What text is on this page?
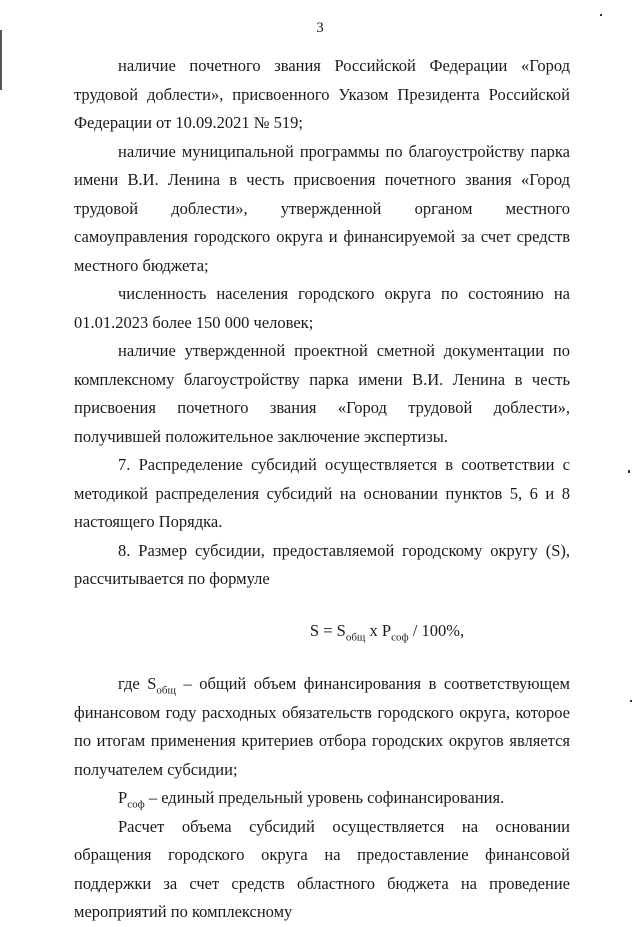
3

наличие почетного звания Российской Федерации «Город трудовой доблести», присвоенного Указом Президента Российской Федерации от 10.09.2021 № 519;

наличие муниципальной программы по благоустройству парка имени В.И. Ленина в честь присвоения почетного звания «Город трудовой доблести», утвержденной органом местного самоуправления городского округа и финансируемой за счет средств местного бюджета;

численность населения городского округа по состоянию на 01.01.2023 более 150 000 человек;

наличие утвержденной проектной сметной документации по комплексному благоустройству парка имени В.И. Ленина в честь присвоения почетного звания «Город трудовой доблести», получившей положительное заключение экспертизы.

7. Распределение субсидий осуществляется в соответствии с методикой распределения субсидий на основании пунктов 5, 6 и 8 настоящего Порядка.

8. Размер субсидии, предоставляемой городскому округу (S), рассчитывается по формуле

$S = S_{общ}$ x $P_{соф} / 100\%$,

где $S_{общ}$ – общий объем финансирования в соответствующем финансовом году расходных обязательств городского округа, которое по итогам применения критериев отбора городских округов является получателем субсидии;

$P_{соф}$ – единый предельный уровень софинансирования.

Расчет объема субсидий осуществляется на основании обращения городского округа на предоставление финансовой поддержки за счет средств областного бюджета на проведение мероприятий по комплексному
